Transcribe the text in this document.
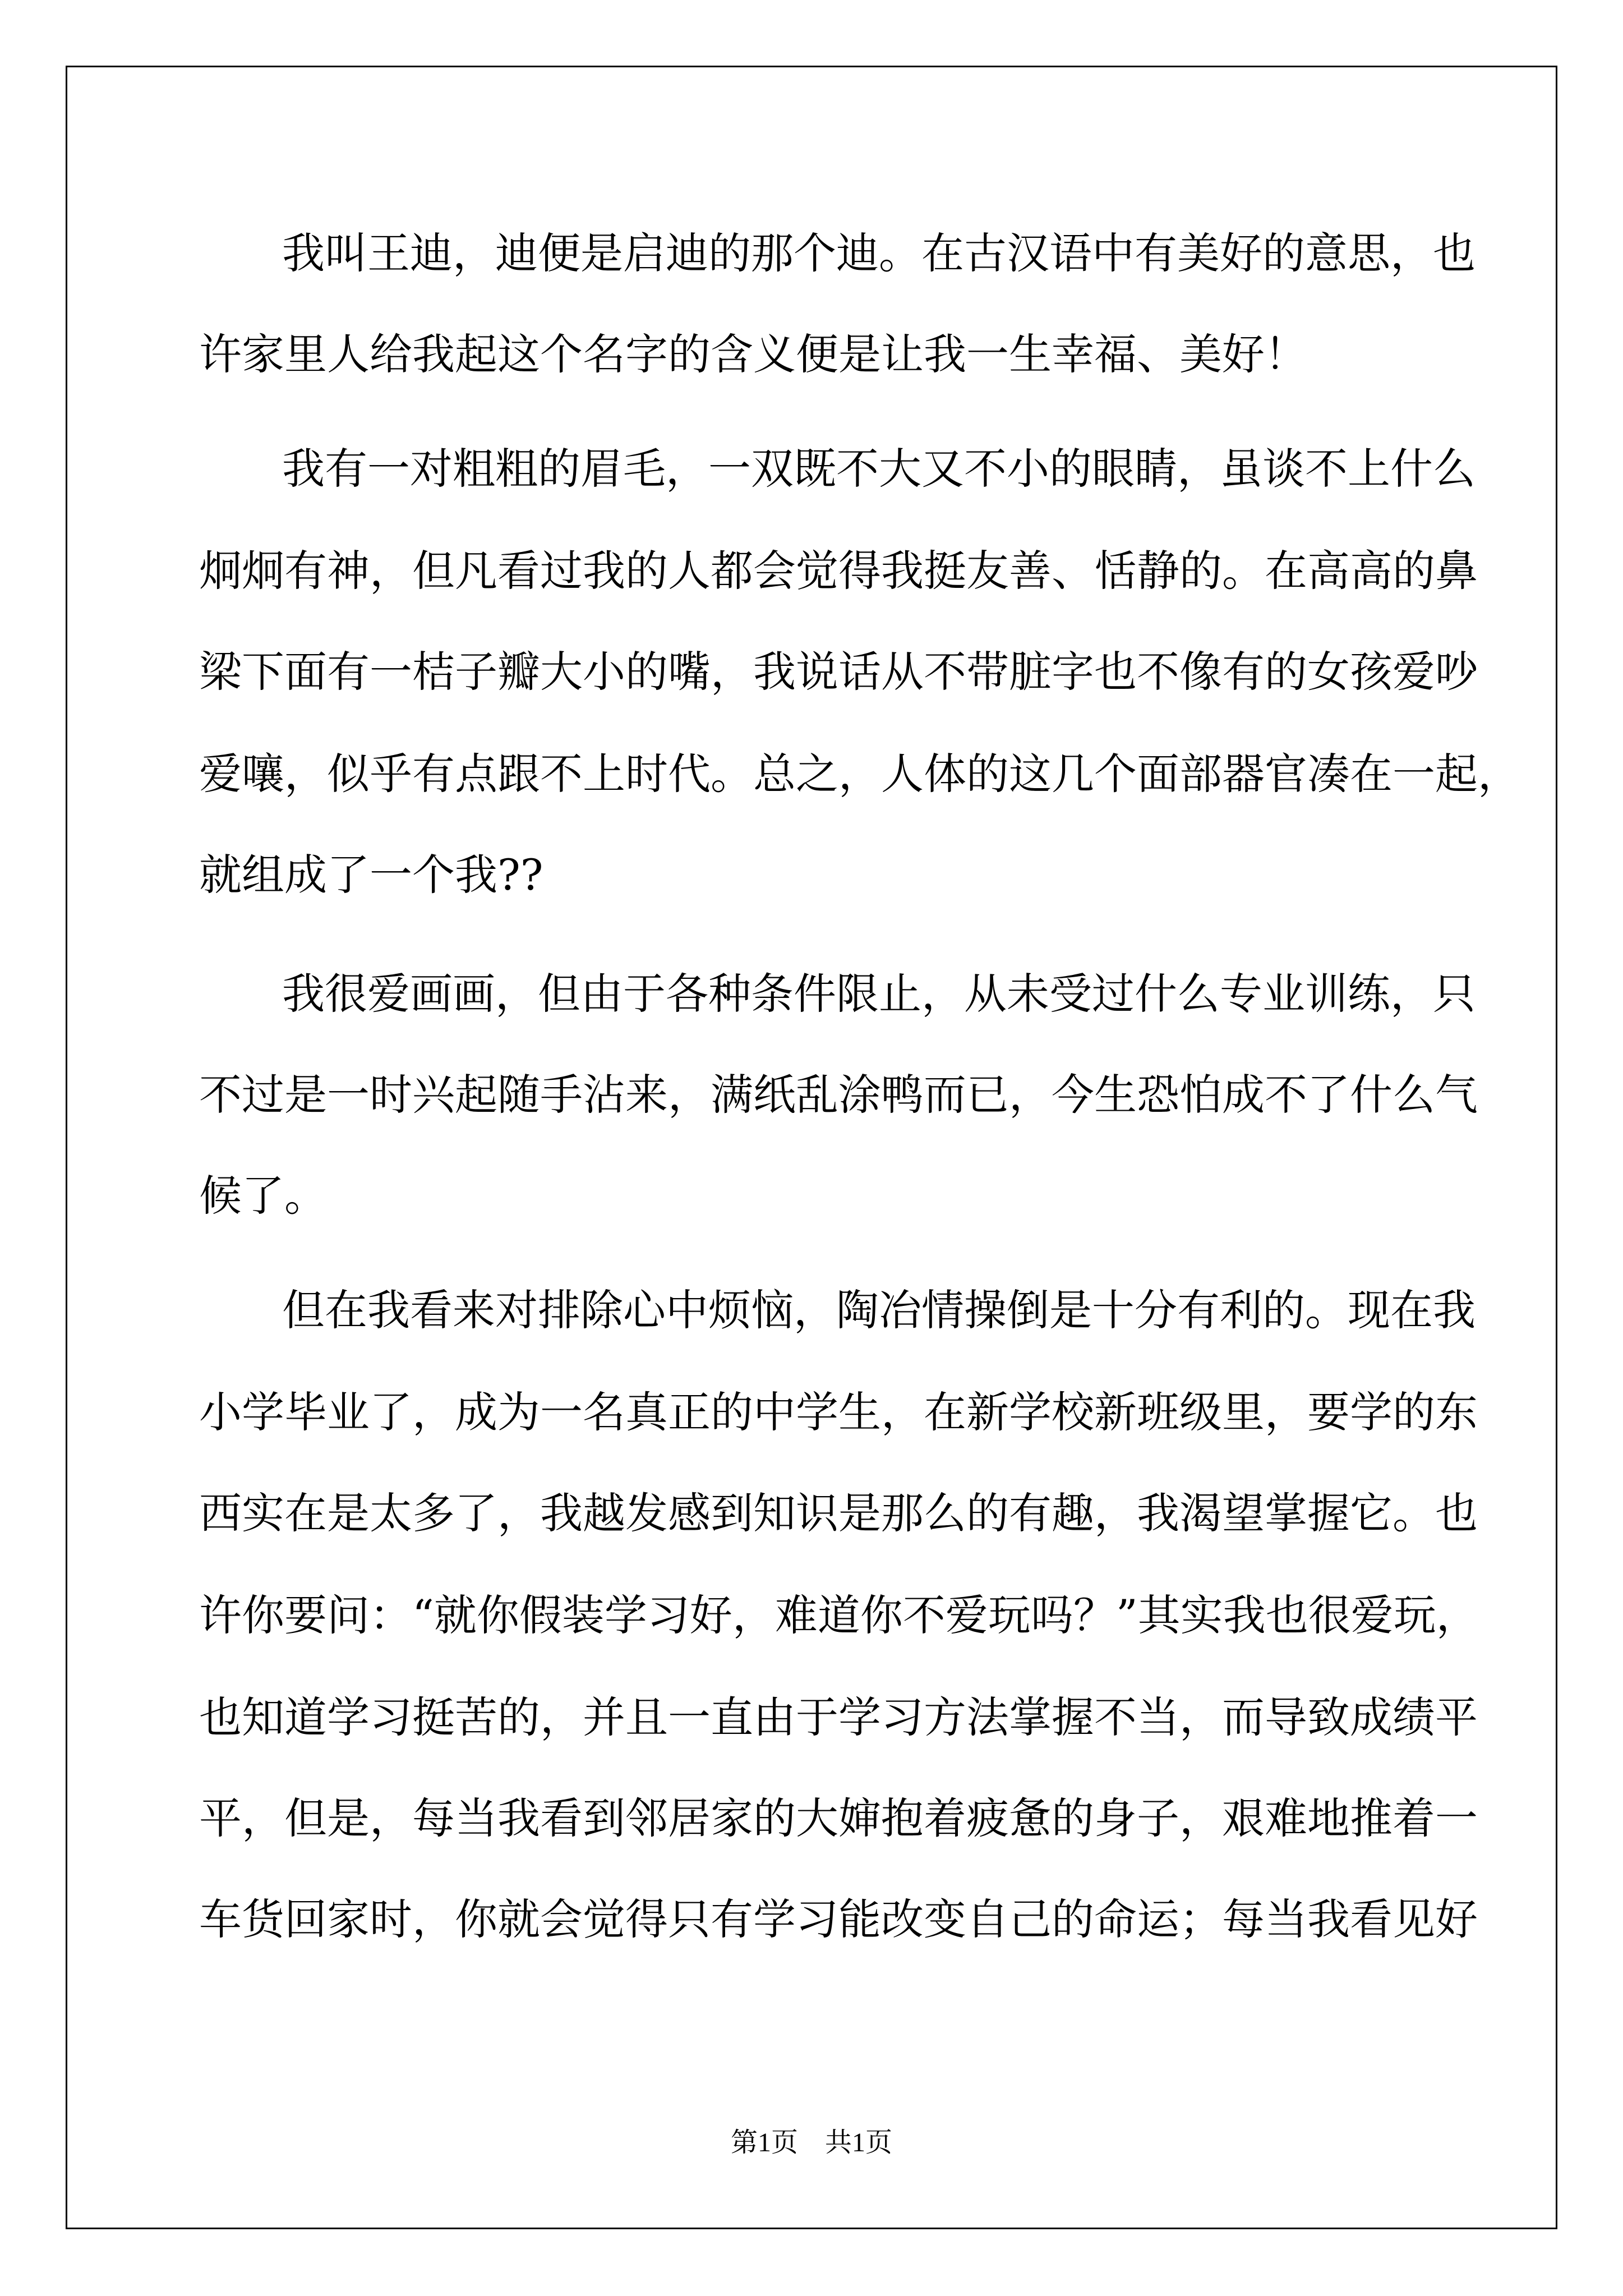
我叫王迪，迪便是启迪的那个迪。在古汉语中有美好的意思，也
许家里人给我起这个名字的含义便是让我一生幸福、美好！
我有一对粗粗的眉毛，一双既不大又不小的眼睛，虽谈不上什么
炯炯有神，但凡看过我的人都会觉得我挺友善、恬静的。在高高的鼻
梁下面有一桔子瓣大小的嘴，我说话从不带脏字也不像有的女孩爱吵
爱嚷，似乎有点跟不上时代。总之，人体的这几个面部器官凑在一起，
就组成了一个我??
我很爱画画，但由于各种条件限止，从未受过什么专业训练，只
不过是一时兴起随手沾来，满纸乱涂鸭而已，今生恐怕成不了什么气
候了。
但在我看来对排除心中烦恼，陶冶情操倒是十分有利的。现在我
小学毕业了，成为一名真正的中学生，在新学校新班级里，要学的东
西实在是太多了，我越发感到知识是那么的有趣，我渴望掌握它。也
许你要问：“就你假装学习好，难道你不爱玩吗？”其实我也很爱玩，
也知道学习挺苦的，并且一直由于学习方法掌握不当，而导致成绩平
平，但是，每当我看到邻居家的大婶抱着疲惫的身子，艰难地推着一
车货回家时，你就会觉得只有学习能改变自己的命运；每当我看见好
第1页　共1页
